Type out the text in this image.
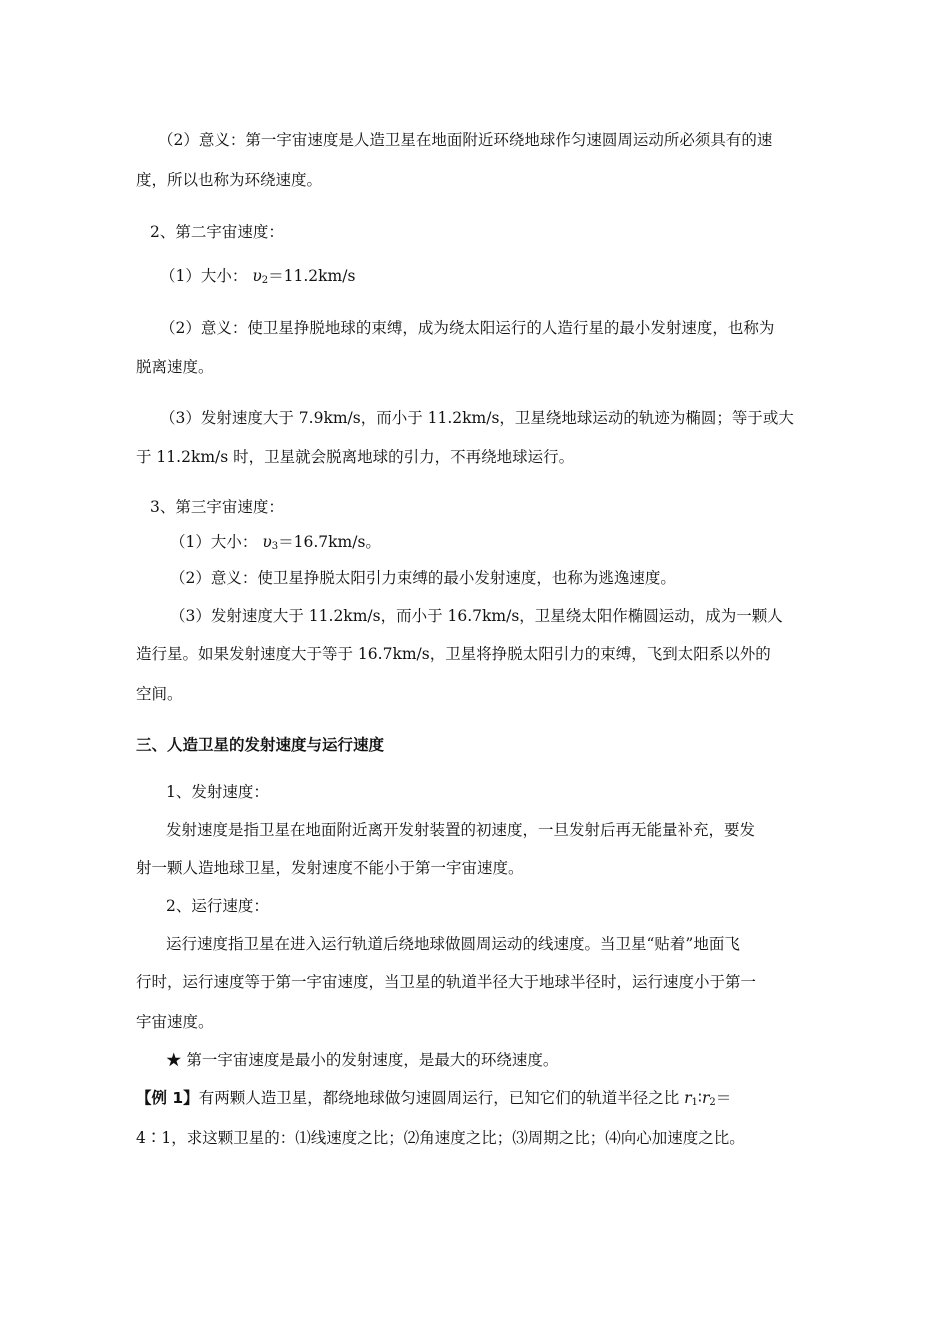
（2）意义：第一宇宙速度是人造卫星在地面附近环绕地球作匀速圆周运动所必须具有的速
度，所以也称为环绕速度。
2、第二宇宙速度：
（1）大小： $\upsilon_2=11.2km/s$
（2）意义：使卫星挣脱地球的束缚，成为绕太阳运行的人造行星的最小发射速度，也称为
脱离速度。
（3）发射速度大于 7.9km/s，而小于 11.2km/s，卫星绕地球运动的轨迹为椭圆；等于或大
于 11.2km/s 时，卫星就会脱离地球的引力，不再绕地球运行。
3、第三宇宙速度：
（1）大小： $\upsilon_3=16.7km/s$。
（2）意义：使卫星挣脱太阳引力束缚的最小发射速度，也称为逃逸速度。
（3）发射速度大于 11.2km/s，而小于 16.7km/s，卫星绕太阳作椭圆运动，成为一颗人
造行星。如果发射速度大于等于 16.7km/s，卫星将挣脱太阳引力的束缚，飞到太阳系以外的
空间。
三、人造卫星的发射速度与运行速度
1、发射速度：
发射速度是指卫星在地面附近离开发射装置的初速度，一旦发射后再无能量补充，要发
射一颗人造地球卫星，发射速度不能小于第一宇宙速度。
2、运行速度：
运行速度指卫星在进入运行轨道后绕地球做圆周运动的线速度。当卫星“贴着”地面飞
行时，运行速度等于第一宇宙速度，当卫星的轨道半径大于地球半径时，运行速度小于第一
宇宙速度。
★ 第一宇宙速度是最小的发射速度，是最大的环绕速度。
【例 1】有两颗人造卫星，都绕地球做匀速圆周运行，已知它们的轨道半径之比 $r_1∶r_2=$
4∶1，求这颗卫星的：⑴线速度之比；⑵角速度之比；⑶周期之比；⑷向心加速度之比。
